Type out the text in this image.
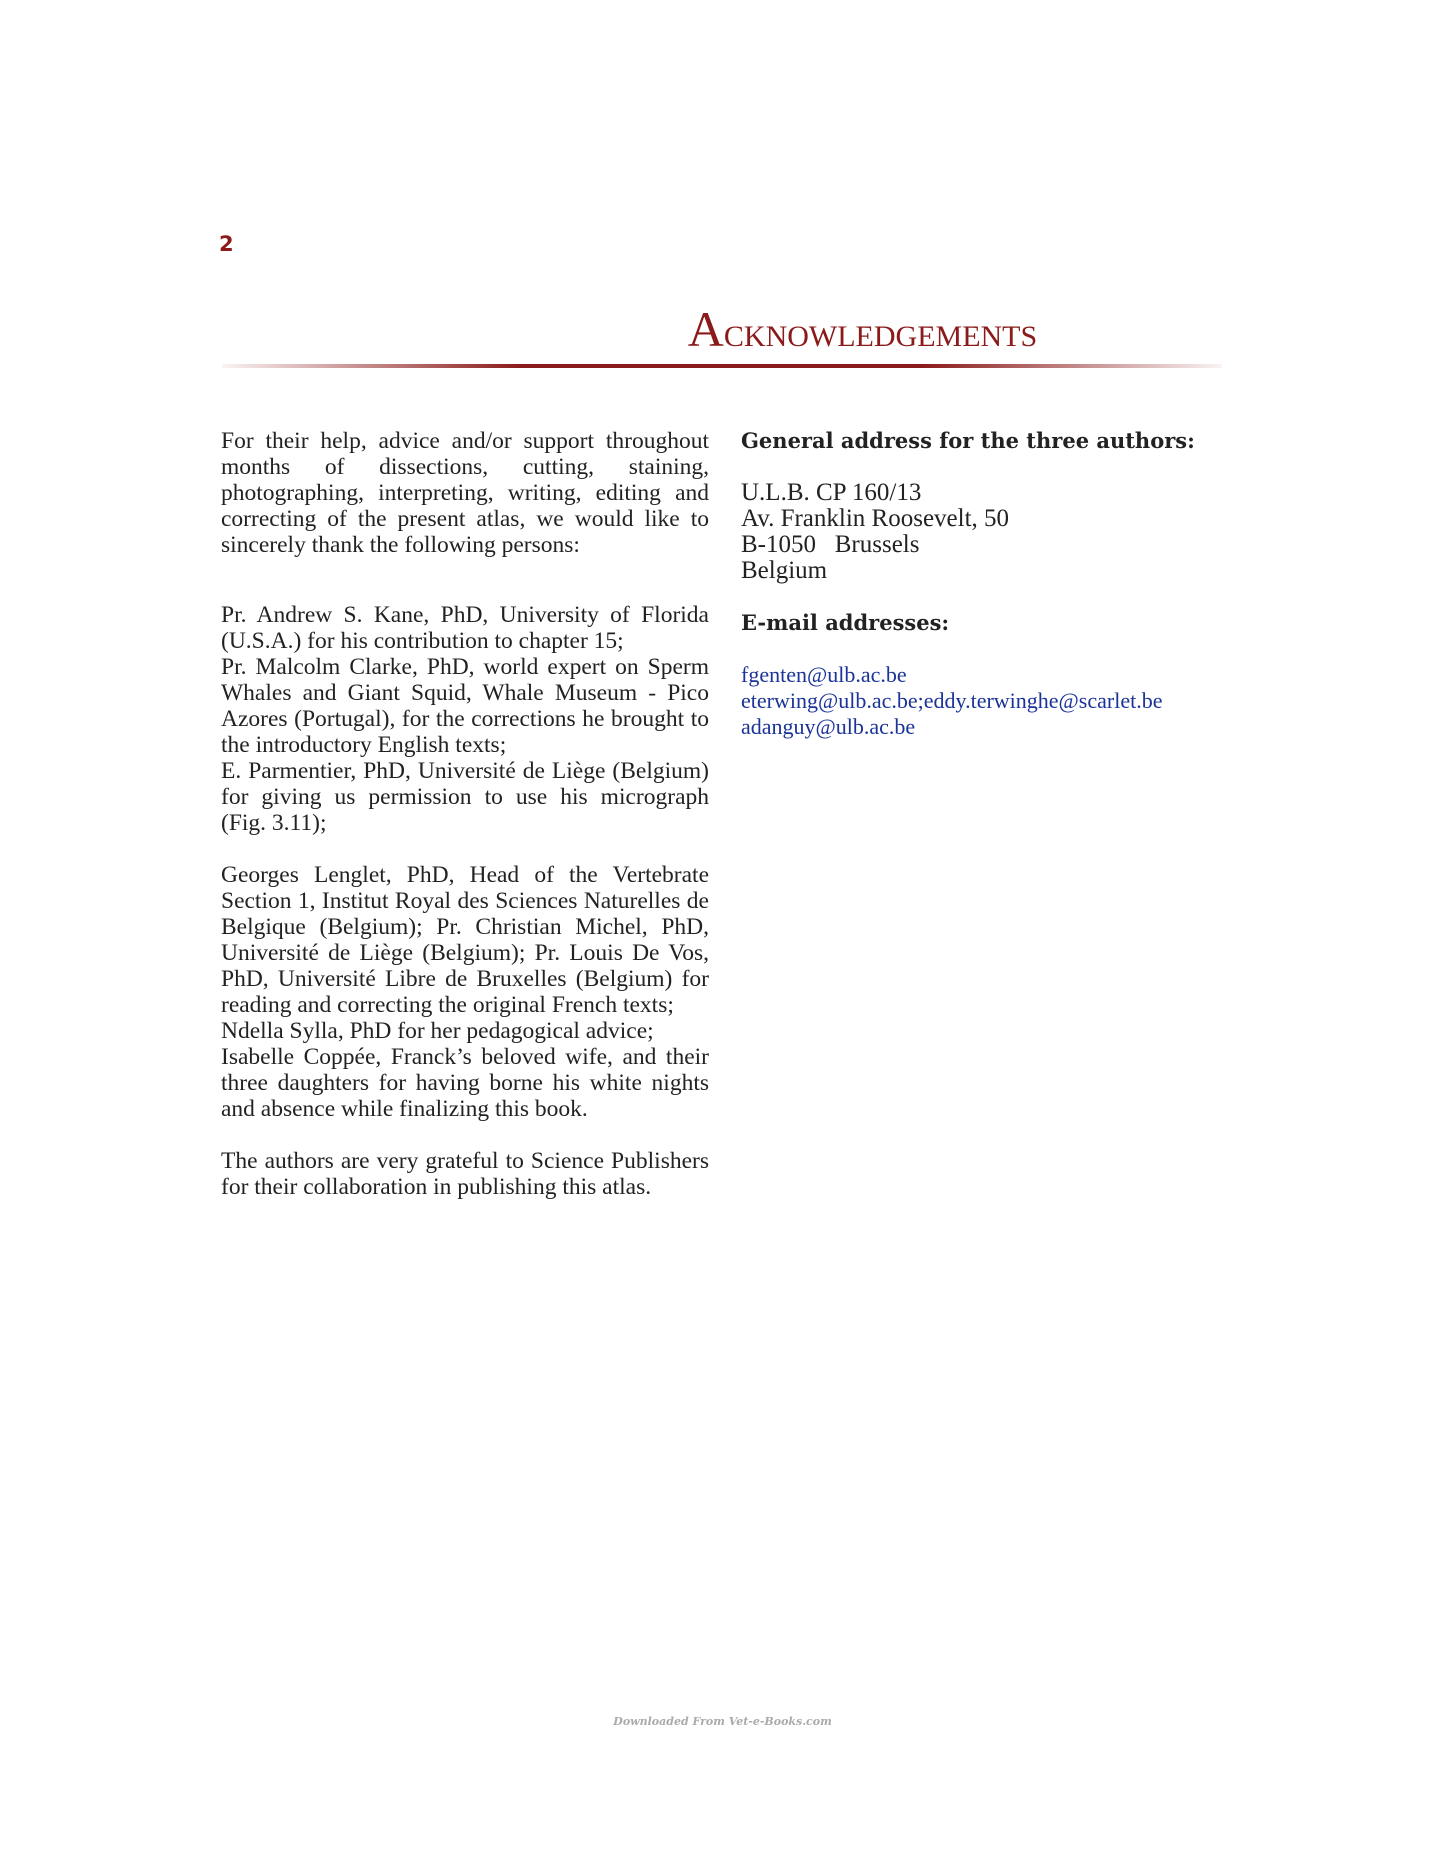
2
ACKNOWLEDGEMENTS

For their help, advice and/or support throughout months of dissections, cutting, staining, photographing, interpreting, writing, editing and correcting of the present atlas, we would like to sincerely thank the following persons:

Pr. Andrew S. Kane, PhD, University of Florida (U.S.A.) for his contribution to chapter 15;

Pr. Malcolm Clarke, PhD, world expert on Sperm Whales and Giant Squid, Whale Museum - Pico Azores (Portugal), for the corrections he brought to the introductory English texts;

E. Parmentier, PhD, Université de Liège (Belgium) for giving us permission to use his micrograph (Fig. 3.11);

Georges Lenglet, PhD, Head of the Vertebrate Section 1, Institut Royal des Sciences Naturelles de Belgique (Belgium); Pr. Christian Michel, PhD, Université de Liège (Belgium); Pr. Louis De Vos, PhD, Université Libre de Bruxelles (Belgium) for reading and correcting the original French texts;

Ndella Sylla, PhD for her pedagogical advice;

Isabelle Coppée, Franck’s beloved wife, and their three daughters for having borne his white nights and absence while finalizing this book.

The authors are very grateful to Science Publishers for their collaboration in publishing this atlas.

General address for the three authors:

U.L.B. CP 160/13

Av. Franklin Roosevelt, 50

B-1050   Brussels

Belgium

E-mail addresses:

fgenten@ulb.ac.be

eterwing@ulb.ac.be;eddy.terwinghe@scarlet.be

adanguy@ulb.ac.be

Downloaded From Vet-e-Books.com
